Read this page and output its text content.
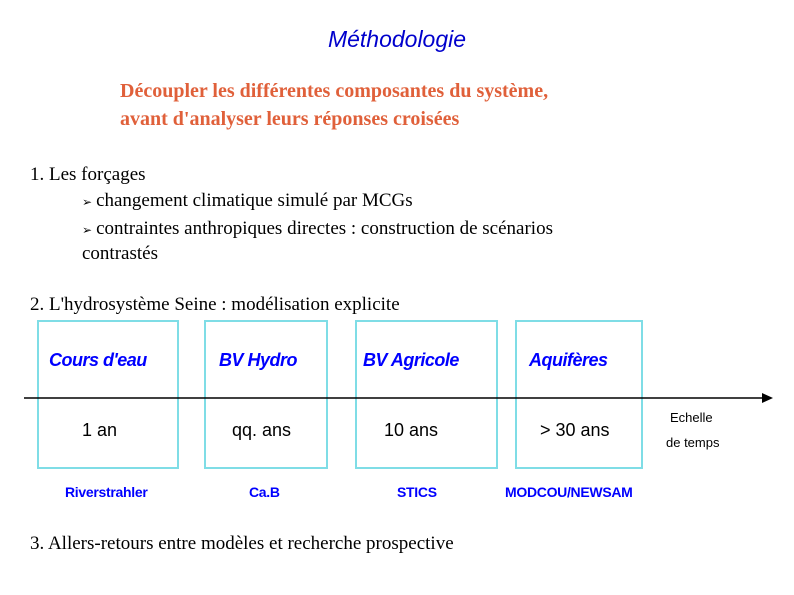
Méthodologie
Découpler les différentes composantes du système,
avant d'analyser leurs réponses croisées
1. Les forçages
➢ changement climatique simulé par MCGs
➢ contraintes anthropiques directes : construction de scénarios
contrastés
2. L'hydrosystème Seine : modélisation explicite
Cours d'eau	BV Hydro	BV Agricole	Aquifères
1 an	qq. ans	10 ans	> 30 ans
Echelle
de temps
Riverstrahler	Ca.B	STICS	MODCOU/NEWSAM
3. Allers-retours entre modèles et recherche prospective
